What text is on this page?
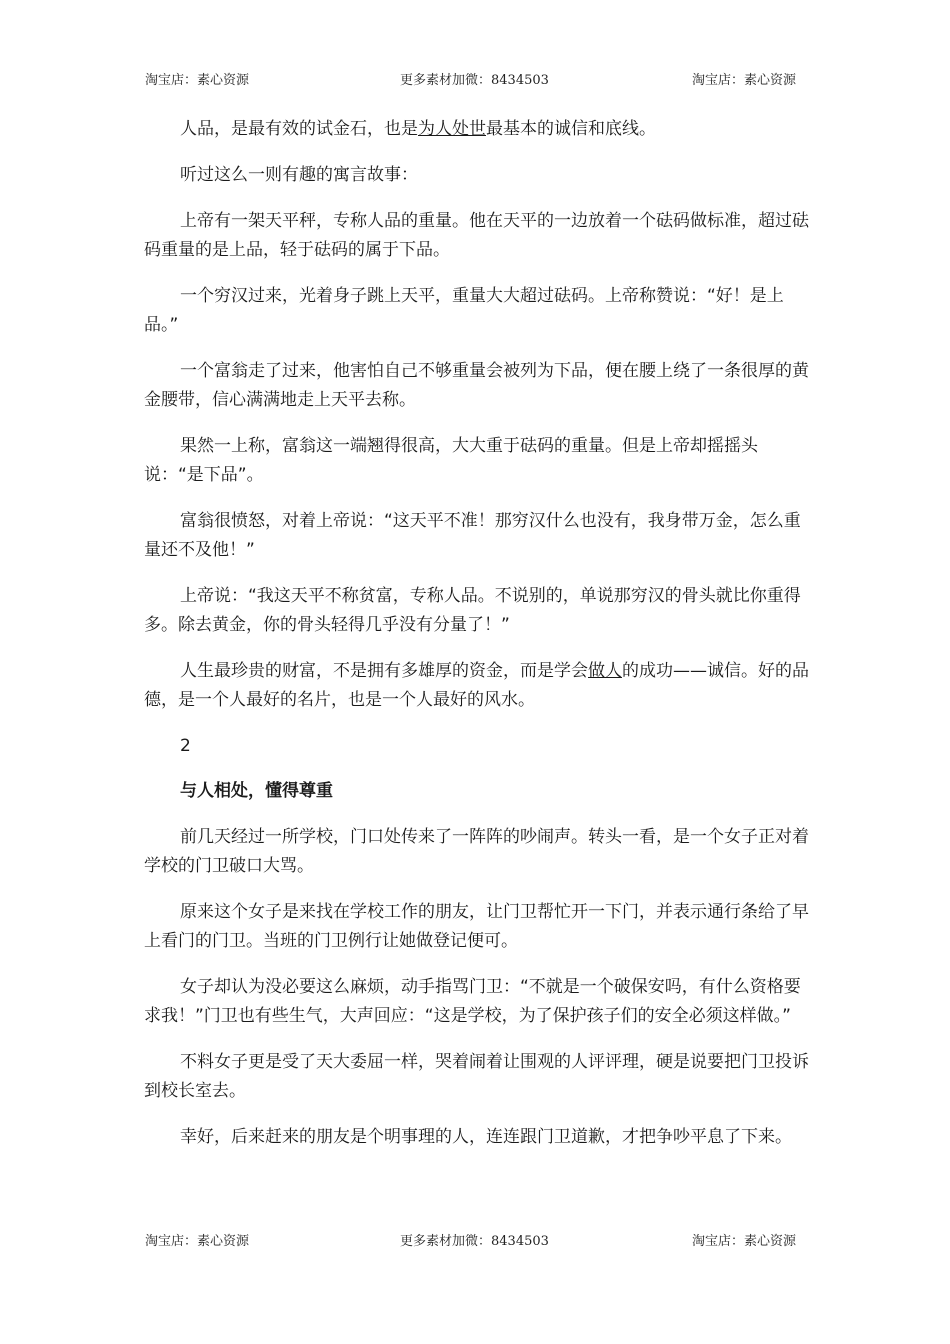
淘宝店：素心资源	更多素材加微：8434503	淘宝店：素心资源

人品，是最有效的试金石，也是为人处世最基本的诚信和底线。

听过这么一则有趣的寓言故事：

上帝有一架天平秤，专称人品的重量。他在天平的一边放着一个砝码做标准，超过砝码重量的是上品，轻于砝码的属于下品。

一个穷汉过来，光着身子跳上天平，重量大大超过砝码。上帝称赞说：“好！是上品。”

一个富翁走了过来，他害怕自己不够重量会被列为下品，便在腰上绕了一条很厚的黄金腰带，信心满满地走上天平去称。

果然一上称，富翁这一端翘得很高，大大重于砝码的重量。但是上帝却摇摇头说：“是下品”。

富翁很愤怒，对着上帝说：“这天平不准！那穷汉什么也没有，我身带万金，怎么重量还不及他！”

上帝说：“我这天平不称贫富，专称人品。不说别的，单说那穷汉的骨头就比你重得多。除去黄金，你的骨头轻得几乎没有分量了！”

人生最珍贵的财富，不是拥有多雄厚的资金，而是学会做人的成功——诚信。好的品德，是一个人最好的名片，也是一个人最好的风水。

2

与人相处，懂得尊重

前几天经过一所学校，门口处传来了一阵阵的吵闹声。转头一看，是一个女子正对着学校的门卫破口大骂。

原来这个女子是来找在学校工作的朋友，让门卫帮忙开一下门，并表示通行条给了早上看门的门卫。当班的门卫例行让她做登记便可。

女子却认为没必要这么麻烦，动手指骂门卫：“不就是一个破保安吗，有什么资格要求我！”门卫也有些生气，大声回应：“这是学校，为了保护孩子们的安全必须这样做。”

不料女子更是受了天大委屈一样，哭着闹着让围观的人评评理，硬是说要把门卫投诉到校长室去。

幸好，后来赶来的朋友是个明事理的人，连连跟门卫道歉，才把争吵平息了下来。

淘宝店：素心资源	更多素材加微：8434503	淘宝店：素心资源
